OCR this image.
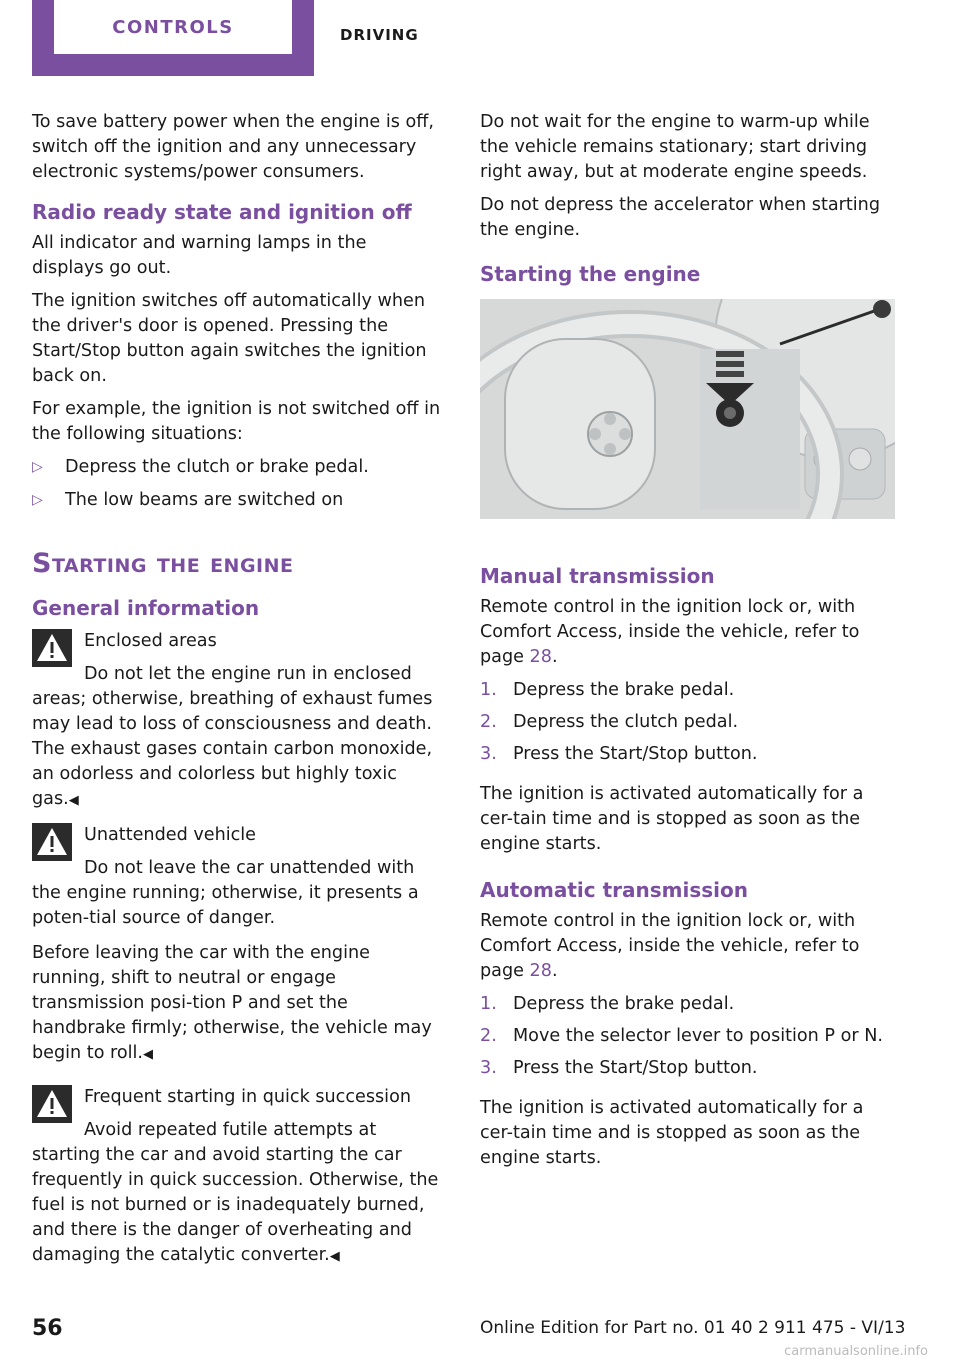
CONTROLS	DRIVING

To save battery power when the engine is off, switch off the ignition and any unnecessary electronic systems/power consumers.

Radio ready state and ignition off

All indicator and warning lamps in the displays go out.

The ignition switches off automatically when the driver's door is opened. Pressing the Start/Stop button again switches the ignition back on.

For example, the ignition is not switched off in the following situations:

▷ Depress the clutch or brake pedal.
▷ The low beams are switched on
Starting the engine
General information

Enclosed areas

Do not let the engine run in enclosed areas; otherwise, breathing of exhaust fumes may lead to loss of consciousness and death. The exhaust gases contain carbon monoxide, an odorless and colorless but highly toxic gas.◀

Unattended vehicle

Do not leave the car unattended with the engine running; otherwise, it presents a poten-tial source of danger.

Before leaving the car with the engine running, shift to neutral or engage transmission posi-tion P and set the handbrake firmly; otherwise, the vehicle may begin to roll.◀

Frequent starting in quick succession

Avoid repeated futile attempts at starting the car and avoid starting the car frequently in quick succession. Otherwise, the fuel is not burned or is inadequately burned, and there is the danger of overheating and damaging the catalytic converter.◀

Do not wait for the engine to warm-up while the vehicle remains stationary; start driving right away, but at moderate engine speeds.

Do not depress the accelerator when starting the engine.

Starting the engine
Manual transmission

Remote control in the ignition lock or, with Comfort Access, inside the vehicle, refer to page 28.

1. Depress the brake pedal.
2. Depress the clutch pedal.
3. Press the Start/Stop button.

The ignition is activated automatically for a cer-tain time and is stopped as soon as the engine starts.

Automatic transmission

Remote control in the ignition lock or, with Comfort Access, inside the vehicle, refer to page 28.

1. Depress the brake pedal.
2. Move the selector lever to position P or N.
3. Press the Start/Stop button.

The ignition is activated automatically for a cer-tain time and is stopped as soon as the engine starts.

56	Online Edition for Part no. 01 40 2 911 475 - VI/13
carmanualsonline.info
